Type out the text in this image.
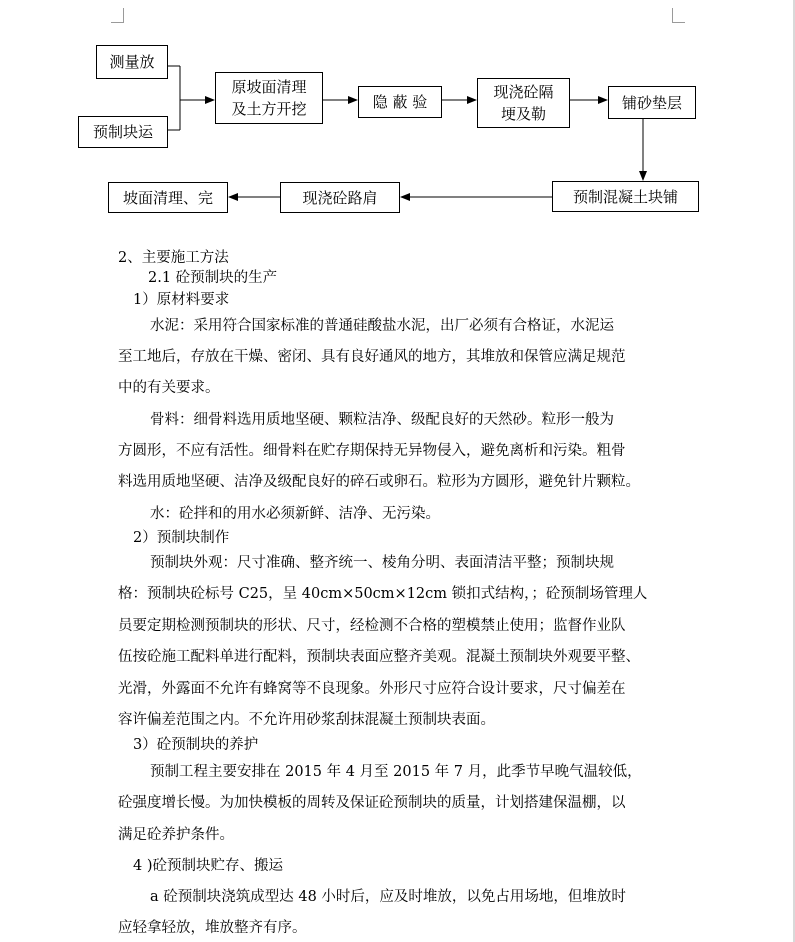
测量放
预制块运
原坡面清理
及土方开挖	隐 蔽 验
现浇砼隔
埂及勒
铺砂垫层
预制混凝土块铺
现浇砼路肩
坡面清理、完
2、主要施工方法
2.1 砼预制块的生产
1）原材料要求
水泥：采用符合国家标准的普通硅酸盐水泥，出厂必须有合格证，水泥运
至工地后，存放在干燥、密闭、具有良好通风的地方，其堆放和保管应满足规范
中的有关要求。
骨料：细骨料选用质地坚硬、颗粒洁净、级配良好的天然砂。粒形一般为
方圆形，不应有活性。细骨料在贮存期保持无异物侵入，避免离析和污染。粗骨
料选用质地坚硬、洁净及级配良好的碎石或卵石。粒形为方圆形，避免针片颗粒。
水：砼拌和的用水必须新鲜、洁净、无污染。
2）预制块制作
预制块外观：尺寸准确、整齐统一、棱角分明、表面清洁平整；预制块规
格：预制块砼标号 C25，呈 40cm×50cm×12cm 锁扣式结构，；砼预制场管理人
员要定期检测预制块的形状、尺寸，经检测不合格的塑模禁止使用；监督作业队
伍按砼施工配料单进行配料，预制块表面应整齐美观。混凝土预制块外观要平整、
光滑，外露面不允许有蜂窝等不良现象。外形尺寸应符合设计要求，尺寸偏差在
容许偏差范围之内。不允许用砂浆刮抹混凝土预制块表面。
3）砼预制块的养护
预制工程主要安排在 2015 年 4 月至 2015 年 7 月，此季节早晚气温较低，
砼强度增长慢。为加快模板的周转及保证砼预制块的质量，计划搭建保温棚，以
满足砼养护条件。
4 )砼预制块贮存、搬运
a 砼预制块浇筑成型达 48 小时后，应及时堆放，以免占用场地，但堆放时
应轻拿轻放，堆放整齐有序。
